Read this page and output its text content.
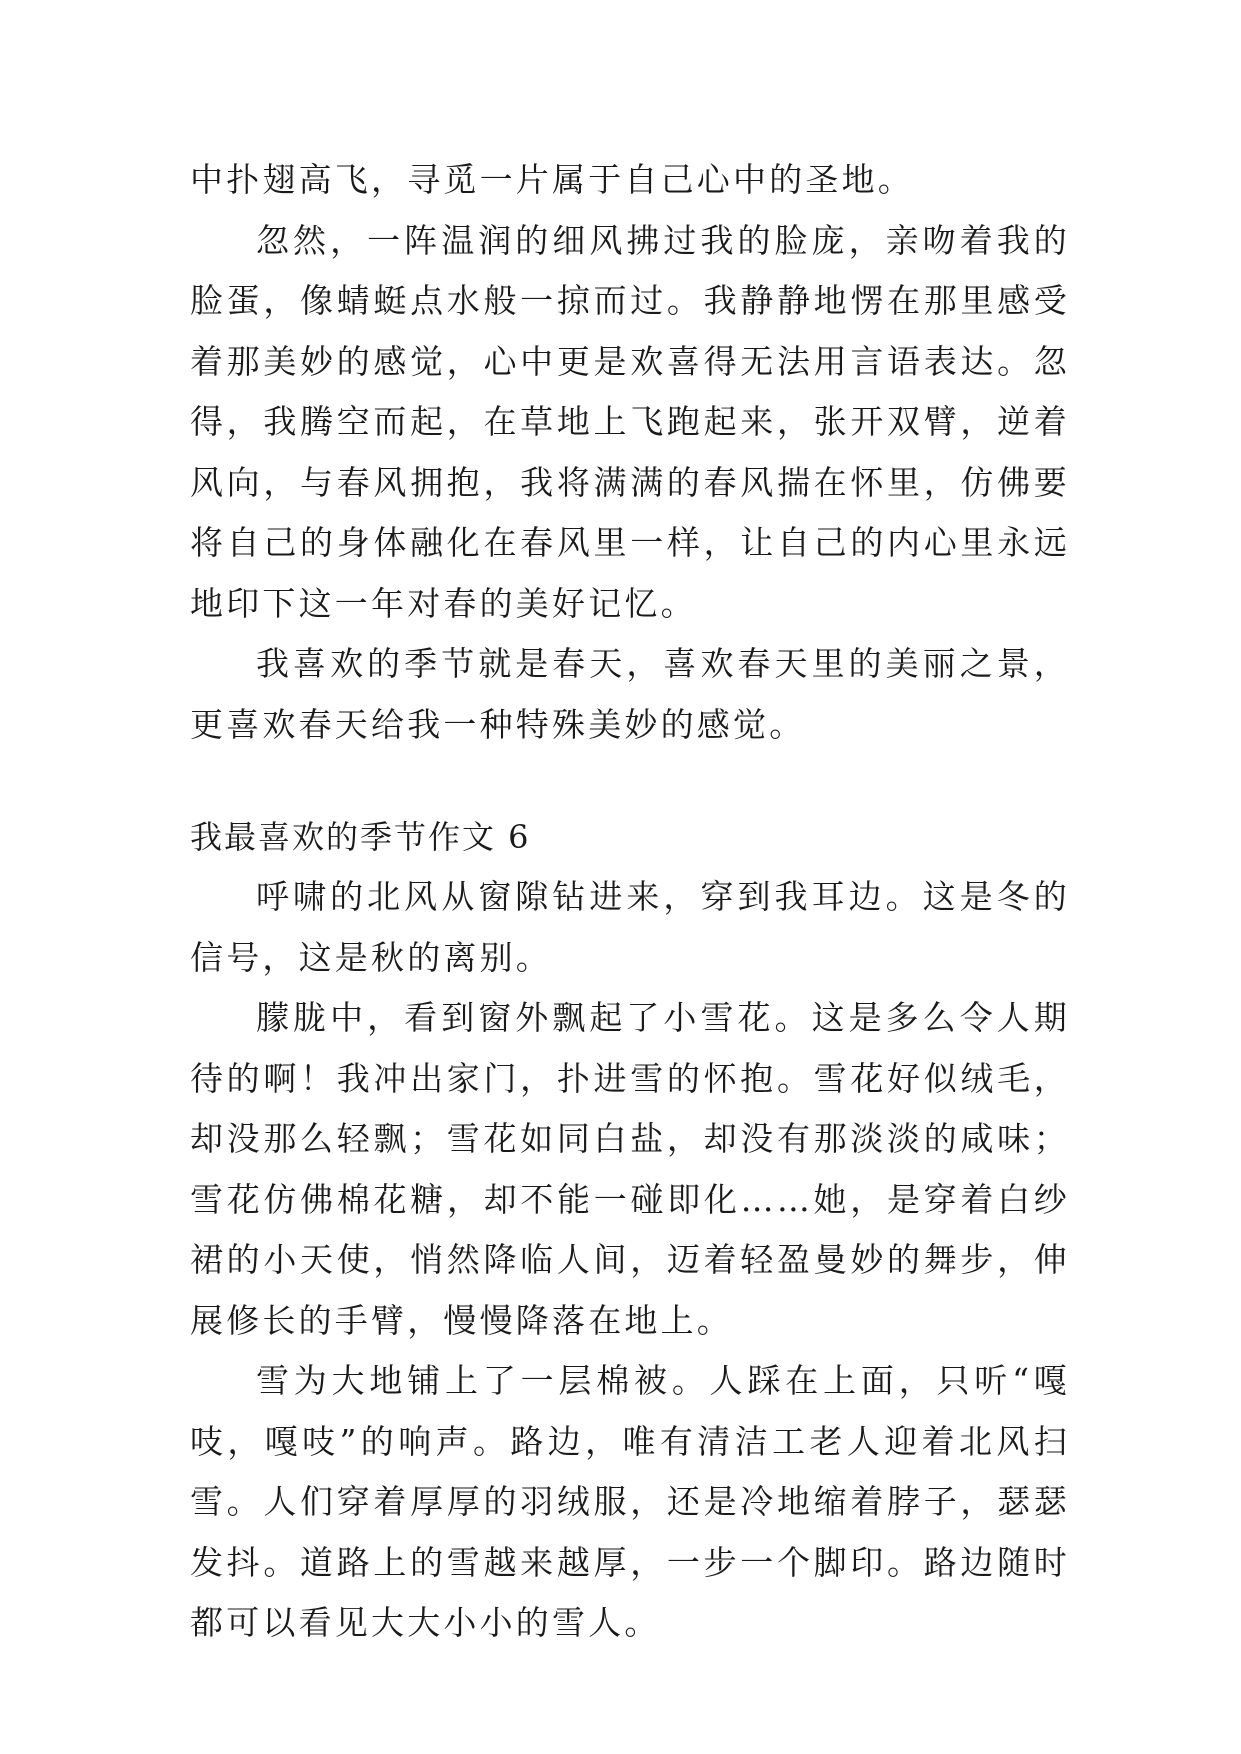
中扑翅高飞，寻觅一片属于自己心中的圣地。

忽然，一阵温润的细风拂过我的脸庞，亲吻着我的脸蛋，像蜻蜓点水般一掠而过。我静静地愣在那里感受着那美妙的感觉，心中更是欢喜得无法用言语表达。忽得，我腾空而起，在草地上飞跑起来，张开双臂，逆着风向，与春风拥抱，我将满满的春风揣在怀里，仿佛要将自己的身体融化在春风里一样，让自己的内心里永远地印下这一年对春的美好记忆。

我喜欢的季节就是春天，喜欢春天里的美丽之景，更喜欢春天给我一种特殊美妙的感觉。

我最喜欢的季节作文 6

呼啸的北风从窗隙钻进来，穿到我耳边。这是冬的信号，这是秋的离别。

朦胧中，看到窗外飘起了小雪花。这是多么令人期待的啊！我冲出家门，扑进雪的怀抱。雪花好似绒毛，却没那么轻飘；雪花如同白盐，却没有那淡淡的咸味；雪花仿佛棉花糖，却不能一碰即化……她，是穿着白纱裙的小天使，悄然降临人间，迈着轻盈曼妙的舞步，伸展修长的手臂，慢慢降落在地上。

雪为大地铺上了一层棉被。人踩在上面，只听“嘎吱，嘎吱”的响声。路边，唯有清洁工老人迎着北风扫雪。人们穿着厚厚的羽绒服，还是冷地缩着脖子，瑟瑟发抖。道路上的雪越来越厚，一步一个脚印。路边随时都可以看见大大小小的雪人。
